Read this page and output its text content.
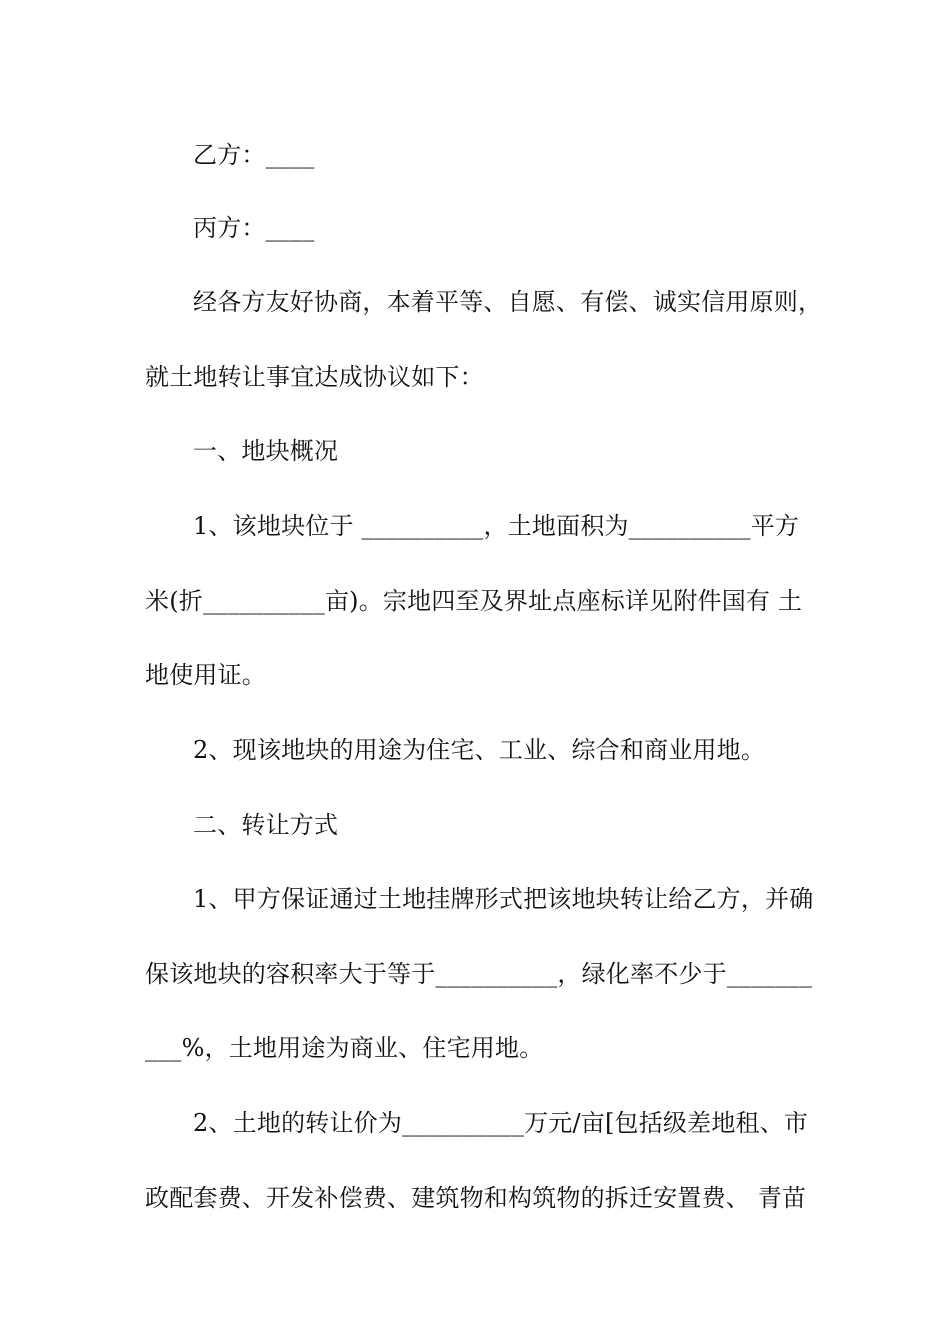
乙方：____
丙方：____
经各方友好协商，本着平等、自愿、有偿、诚实信用原则，
就土地转让事宜达成协议如下：
一、地块概况
1、该地块位于 __________，土地面积为__________平方
米(折__________亩)。宗地四至及界址点座标详见附件国有 土
地使用证。
2、现该地块的用途为住宅、工业、综合和商业用地。
二、转让方式
1、甲方保证通过土地挂牌形式把该地块转让给乙方，并确
保该地块的容积率大于等于__________，绿化率不少于_______
___%，土地用途为商业、住宅用地。
2、土地的转让价为__________万元/亩[包括级差地租、市
政配套费、开发补偿费、建筑物和构筑物的拆迁安置费、 青苗
